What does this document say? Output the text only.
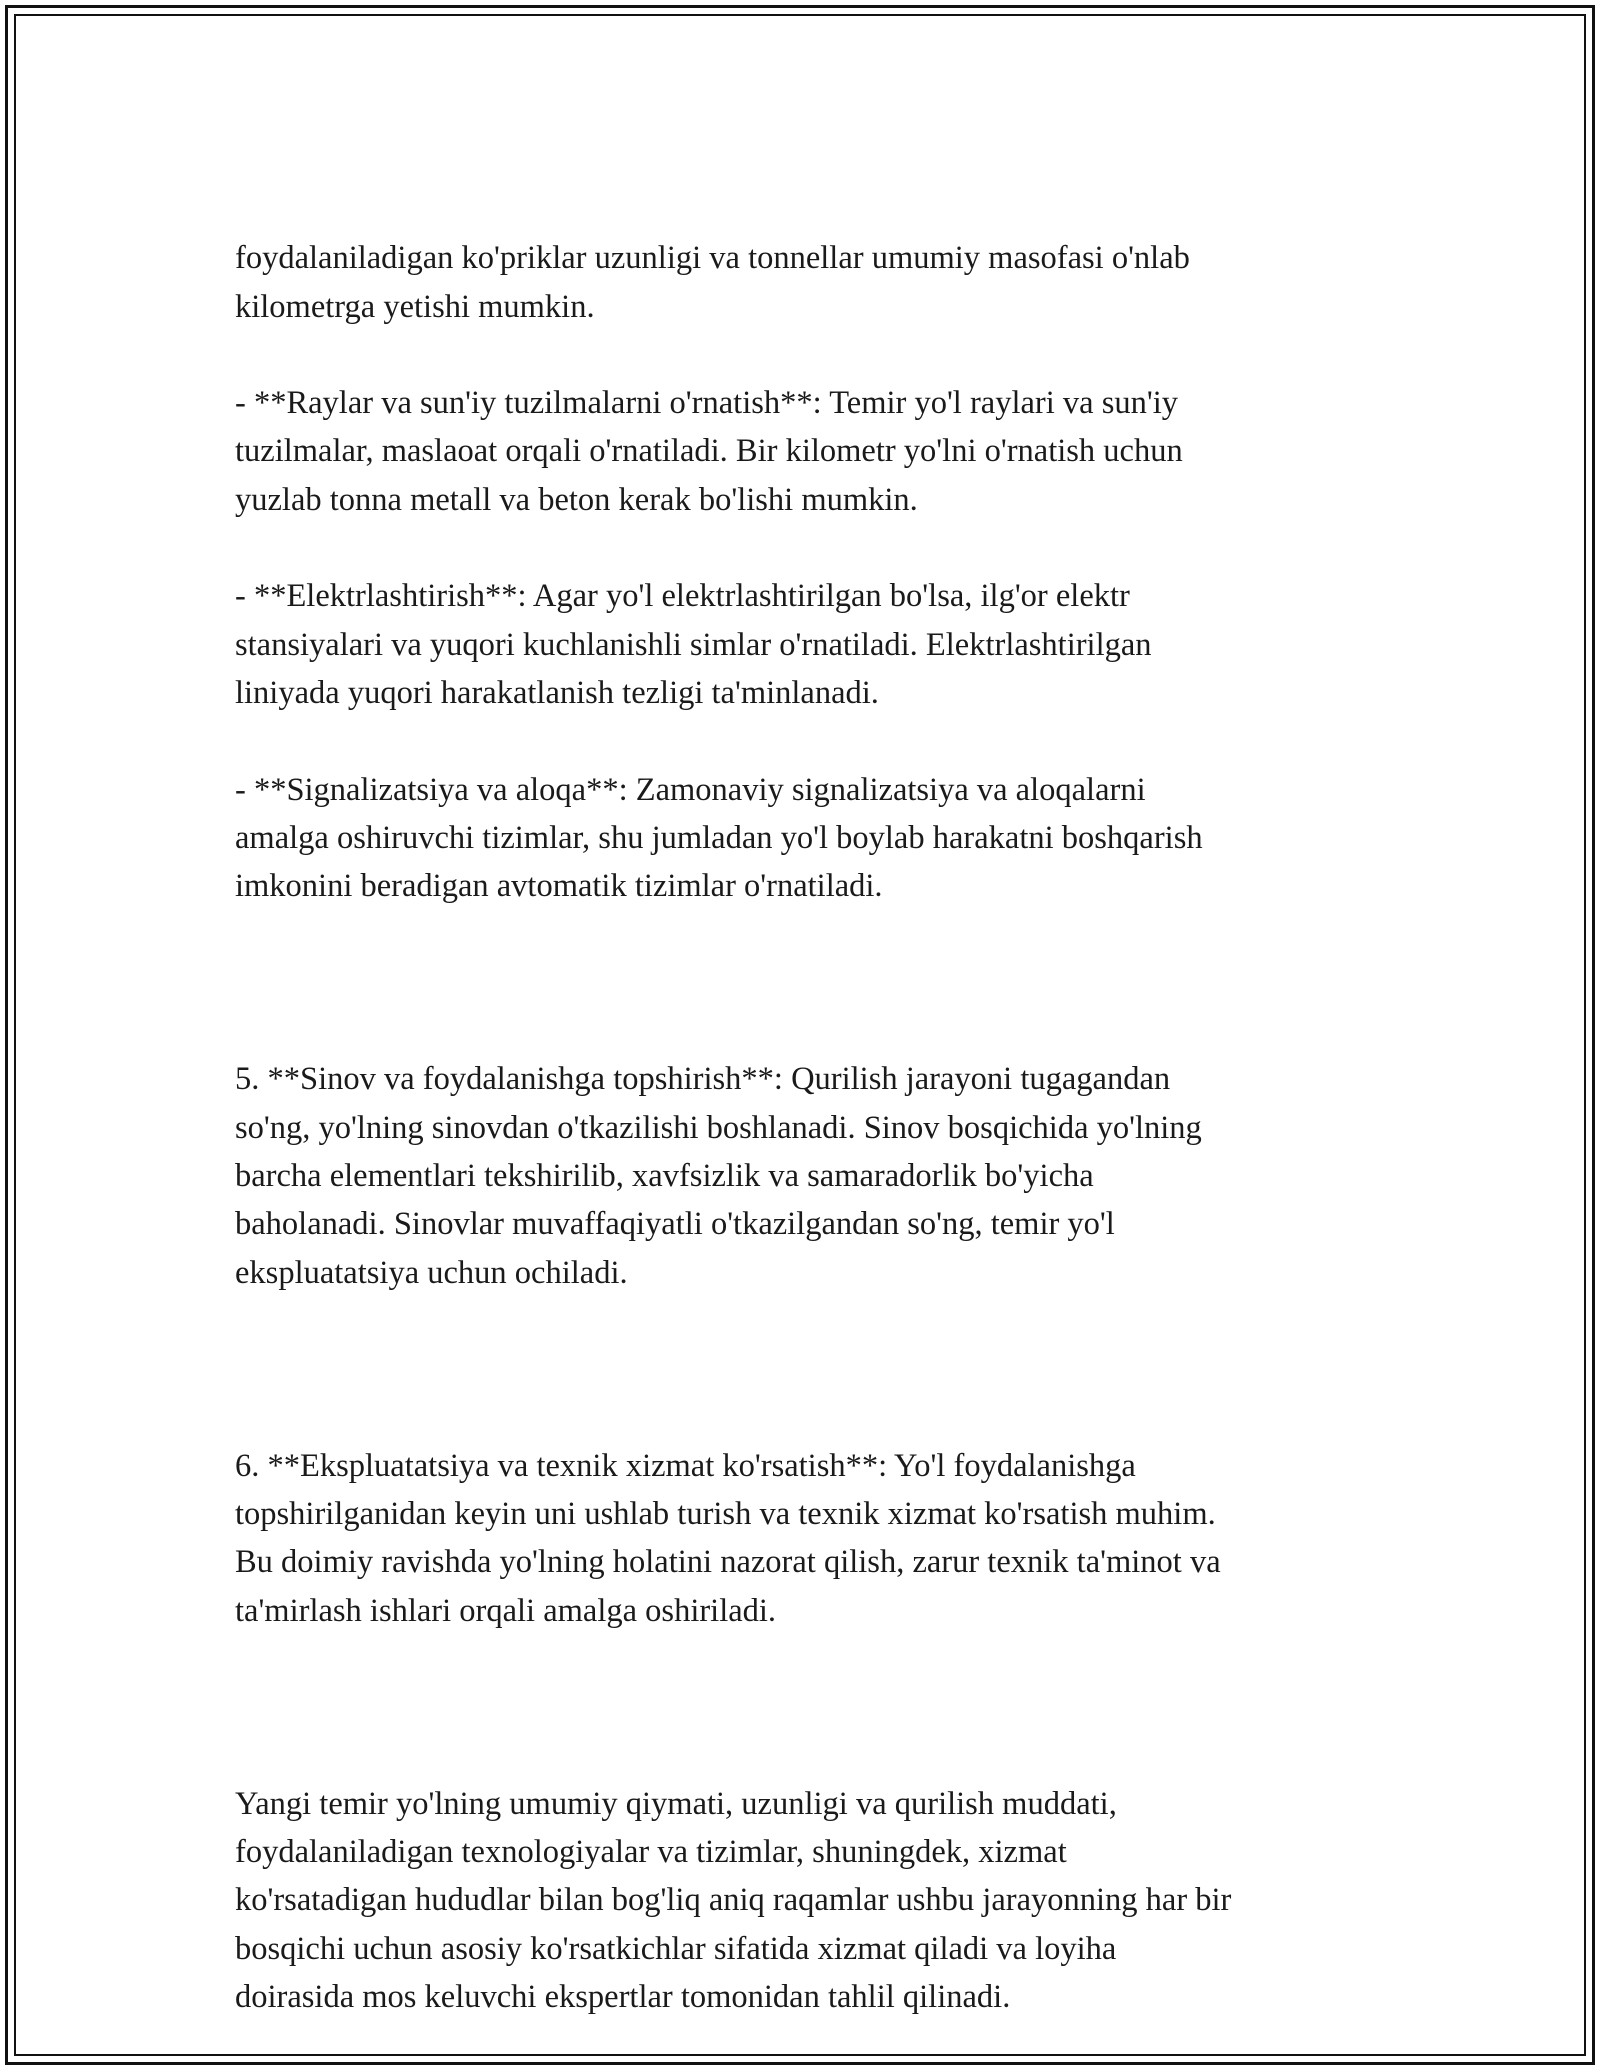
foydalaniladigan ko'priklar uzunligi va tonnellar umumiy masofasi o'nlab
kilometrga yetishi mumkin.

- **Raylar va sun'iy tuzilmalarni o'rnatish**: Temir yo'l raylari va sun'iy
tuzilmalar, maslaoat orqali o'rnatiladi. Bir kilometr yo'lni o'rnatish uchun
yuzlab tonna metall va beton kerak bo'lishi mumkin.

- **Elektrlashtirish**: Agar yo'l elektrlashtirilgan bo'lsa, ilg'or elektr
stansiyalari va yuqori kuchlanishli simlar o'rnatiladi. Elektrlashtirilgan
liniyada yuqori harakatlanish tezligi ta'minlanadi.

- **Signalizatsiya va aloqa**: Zamonaviy signalizatsiya va aloqalarni
amalga oshiruvchi tizimlar, shu jumladan yo'l boylab harakatni boshqarish
imkonini beradigan avtomatik tizimlar o'rnatiladi.

5. **Sinov va foydalanishga topshirish**: Qurilish jarayoni tugagandan
so'ng, yo'lning sinovdan o'tkazilishi boshlanadi. Sinov bosqichida yo'lning
barcha elementlari tekshirilib, xavfsizlik va samaradorlik bo'yicha
baholanadi. Sinovlar muvaffaqiyatli o'tkazilgandan so'ng, temir yo'l
ekspluatatsiya uchun ochiladi.

6. **Ekspluatatsiya va texnik xizmat ko'rsatish**: Yo'l foydalanishga
topshirilganidan keyin uni ushlab turish va texnik xizmat ko'rsatish muhim.
Bu doimiy ravishda yo'lning holatini nazorat qilish, zarur texnik ta'minot va
ta'mirlash ishlari orqali amalga oshiriladi.

Yangi temir yo'lning umumiy qiymati, uzunligi va qurilish muddati,
foydalaniladigan texnologiyalar va tizimlar, shuningdek, xizmat
ko'rsatadigan hududlar bilan bog'liq aniq raqamlar ushbu jarayonning har bir
bosqichi uchun asosiy ko'rsatkichlar sifatida xizmat qiladi va loyiha
doirasida mos keluvchi ekspertlar tomonidan tahlil qilinadi.
